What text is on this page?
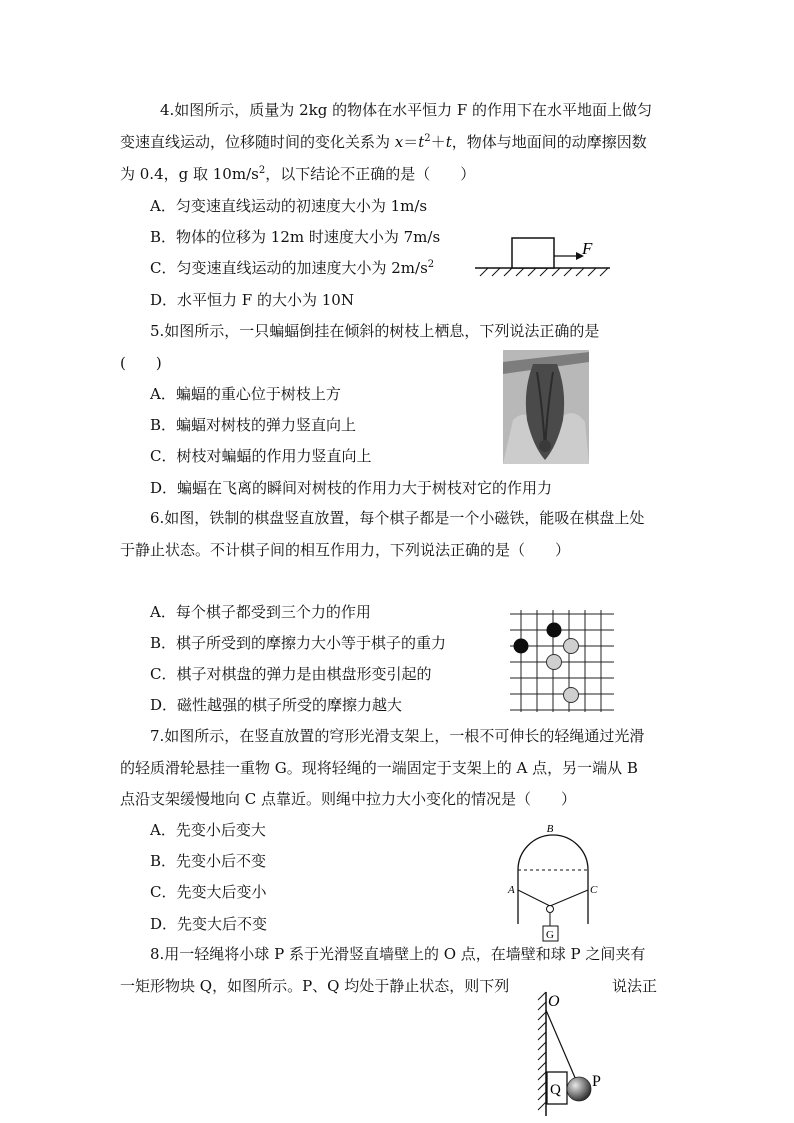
4.如图所示，质量为 2kg 的物体在水平恒力 F 的作用下在水平地面上做匀
变速直线运动，位移随时间的变化关系为 $x=t^2+t$，物体与地面间的动摩擦因数
为 0.4，g 取 $10m/s^2$，以下结论不正确的是（　　）
A．匀变速直线运动的初速度大小为 1m/s
B．物体的位移为 12m 时速度大小为 7m/s
C．匀变速直线运动的加速度大小为 $2m/s^2$
D．水平恒力 F 的大小为 10N
F
5.如图所示，一只蝙蝠倒挂在倾斜的树枝上栖息，下列说法正确的是
(　　)
A．蝙蝠的重心位于树枝上方
B．蝙蝠对树枝的弹力竖直向上
C．树枝对蝙蝠的作用力竖直向上
D．蝙蝠在飞离的瞬间对树枝的作用力大于树枝对它的作用力
6.如图，铁制的棋盘竖直放置，每个棋子都是一个小磁铁，能吸在棋盘上处
于静止状态。不计棋子间的相互作用力，下列说法正确的是（　　）
A．每个棋子都受到三个力的作用
B．棋子所受到的摩擦力大小等于棋子的重力
C．棋子对棋盘的弹力是由棋盘形变引起的
D．磁性越强的棋子所受的摩擦力越大
7.如图所示，在竖直放置的穹形光滑支架上，一根不可伸长的轻绳通过光滑
的轻质滑轮悬挂一重物 G。现将轻绳的一端固定于支架上的 A 点，另一端从 B
点沿支架缓慢地向 C 点靠近。则绳中拉力大小变化的情况是（　　）
A．先变小后变大
B．先变小后不变
C．先变大后变小
D．先变大后不变
G
B
A	C
8.用一轻绳将小球 P 系于光滑竖直墙壁上的 O 点，在墙壁和球 P 之间夹有
一矩形物块 Q，如图所示。P、Q 均处于静止状态，则下列	说法正
O
Q P
